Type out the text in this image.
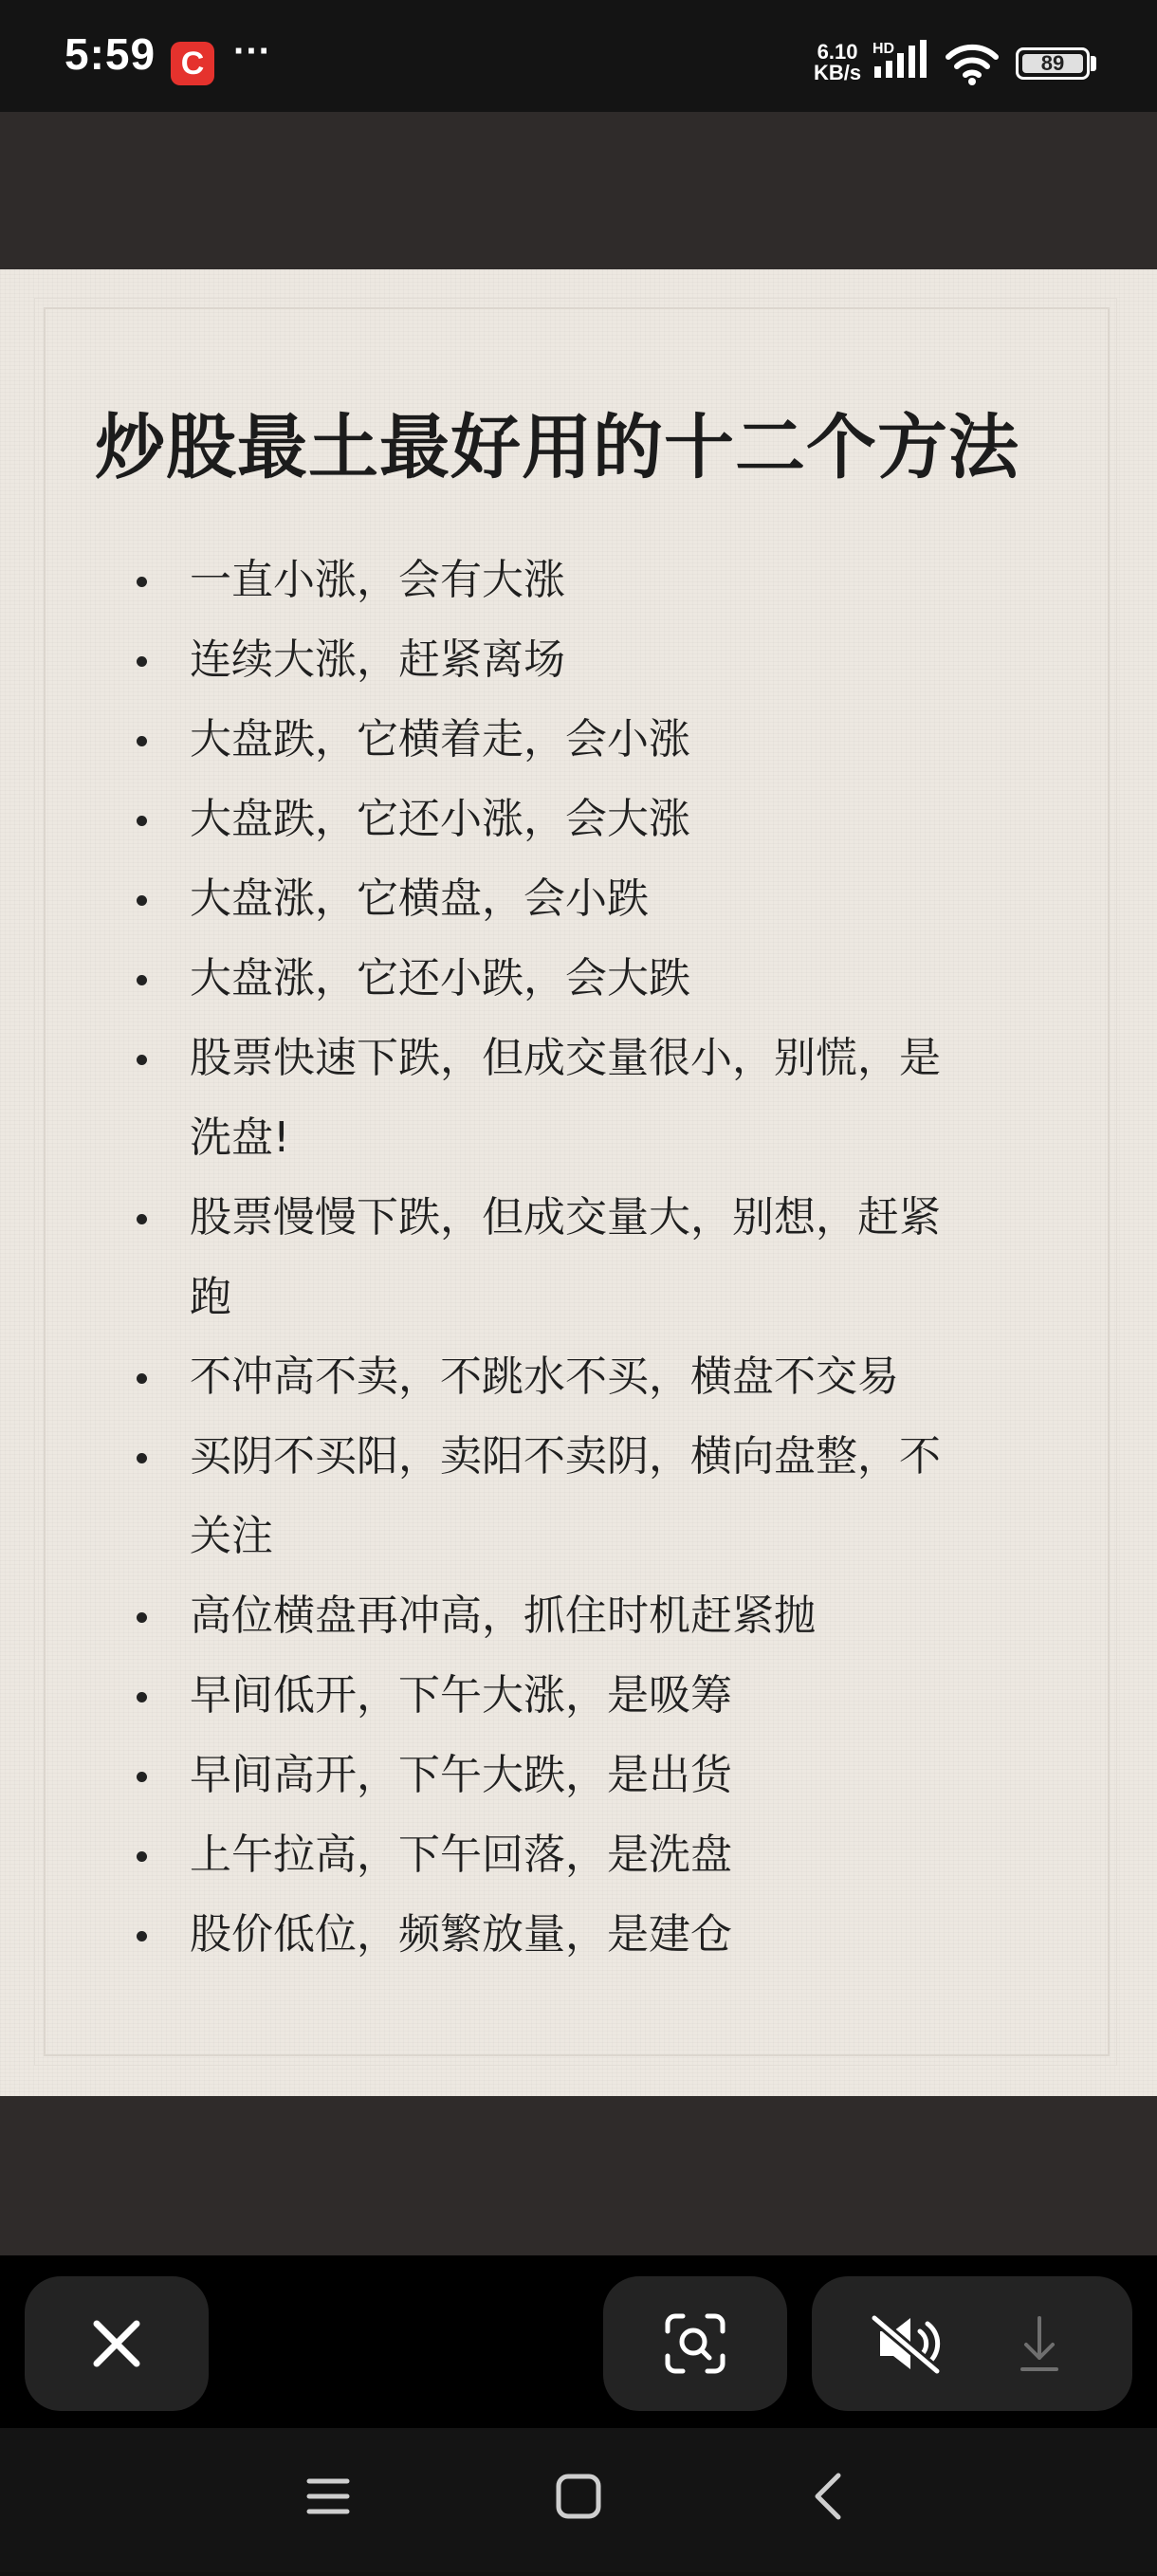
5:59 C ···	6.10
KB/s
HD
89
炒股最土最好用的十二个方法
一直小涨，会有大涨
连续大涨，赶紧离场
大盘跌，它横着走，会小涨
大盘跌，它还小涨，会大涨
大盘涨，它横盘，会小跌
大盘涨，它还小跌，会大跌
股票快速下跌，但成交量很小，别慌，是
洗盘!
股票慢慢下跌，但成交量大，别想，赶紧
跑
不冲高不卖，不跳水不买，横盘不交易
买阴不买阳，卖阳不卖阴，横向盘整，不
关注
高位横盘再冲高，抓住时机赶紧抛
早间低开，下午大涨，是吸筹
早间高开，下午大跌，是出货
上午拉高，下午回落，是洗盘
股价低位，频繁放量，是建仓
